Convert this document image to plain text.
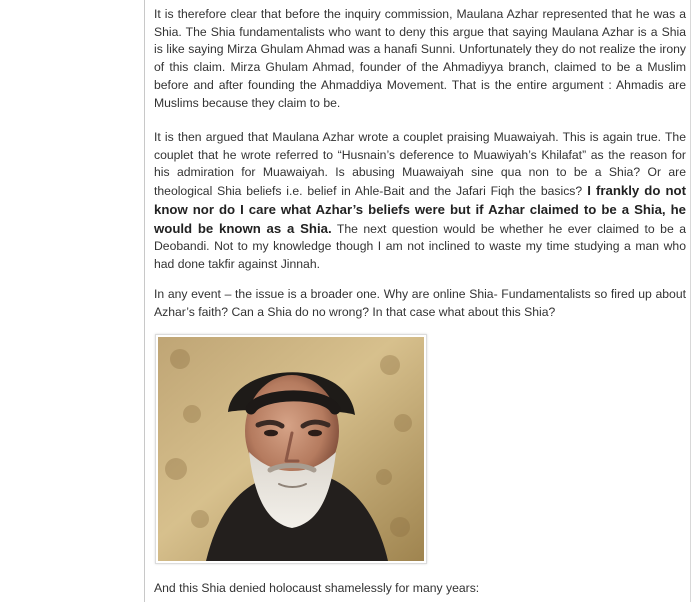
It is therefore clear that before the inquiry commission, Maulana Azhar represented that he was a Shia. The Shia fundamentalists who want to deny this argue that saying Maulana Azhar is a Shia is like saying Mirza Ghulam Ahmad was a hanafi Sunni. Unfortunately they do not realize the irony of this claim. Mirza Ghulam Ahmad, founder of the Ahmadiyya branch, claimed to be a Muslim before and after founding the Ahmaddiya Movement. That is the entire argument : Ahmadis are Muslims because they claim to be.

It is then argued that Maulana Azhar wrote a couplet praising Muawaiyah. This is again true. The couplet that he wrote referred to “Husnain’s deference to Muawiyah’s Khilafat” as the reason for his admiration for Muawaiyah. Is abusing Muawaiyah sine qua non to be a Shia? Or are theological Shia beliefs i.e. belief in Ahle-Bait and the Jafari Fiqh the basics? I frankly do not know nor do I care what Azhar’s beliefs were but if Azhar claimed to be a Shia, he would be known as a Shia. The next question would be whether he ever claimed to be a Deobandi. Not to my knowledge though I am not inclined to waste my time studying a man who had done takfir against Jinnah.

In any event – the issue is a broader one. Why are online Shia- Fundamentalists so fired up about Azhar’s faith? Can a Shia do no wrong? In that case what about this Shia?

And this Shia denied holocaust shamelessly for many years:
